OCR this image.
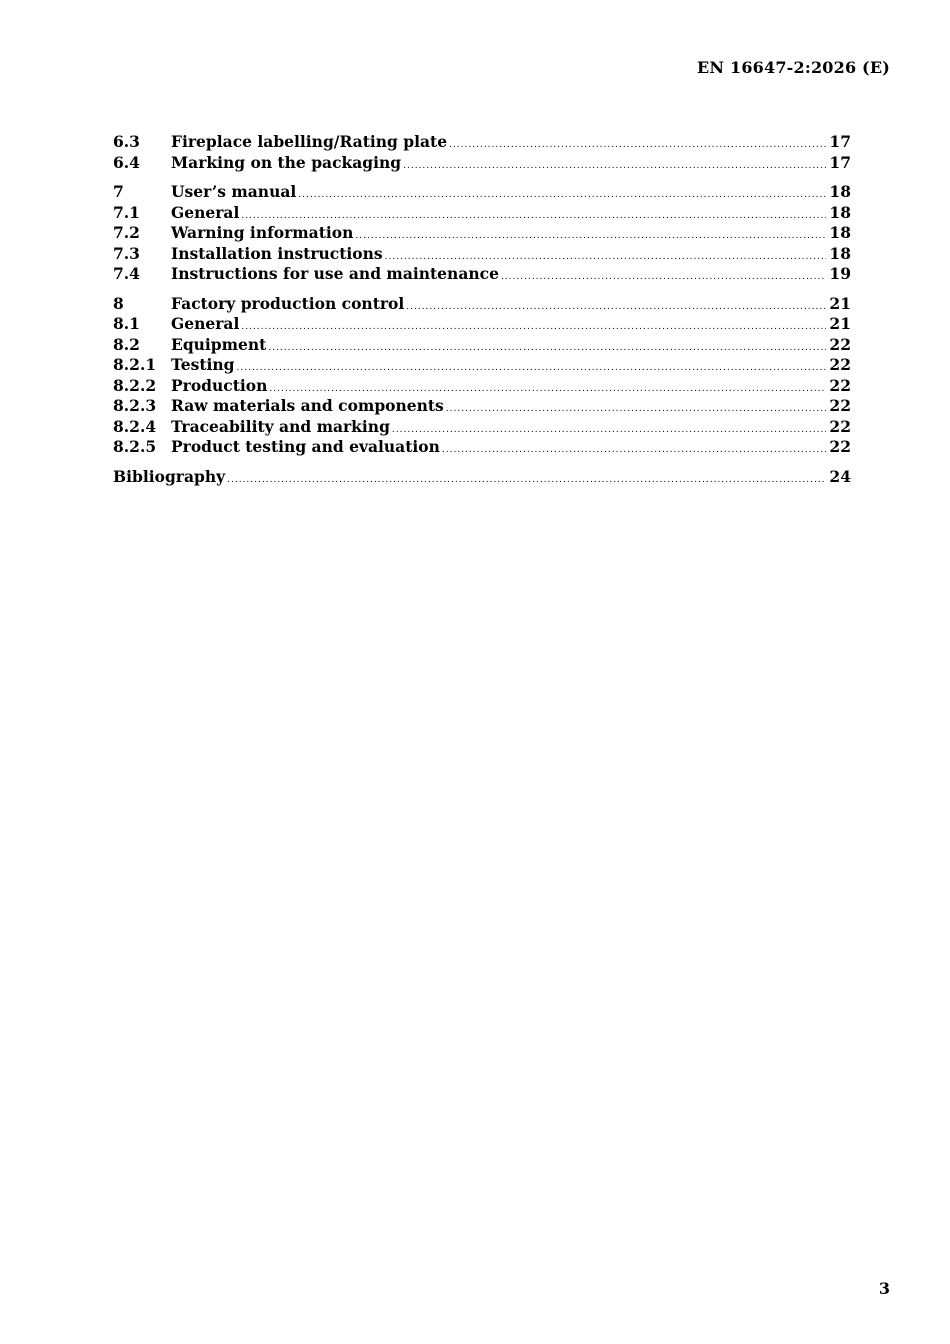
EN 16647-2:2026 (E)
6.3	Fireplace labelling/Rating plate .....	17
6.4	Marking on the packaging .....	17
7	User’s manual .....	18
7.1	General .....	18
7.2	Warning information .....	18
7.3	Installation instructions .....	18
7.4	Instructions for use and maintenance .....	19
8	Factory production control .....	21
8.1	General .....	21
8.2	Equipment .....	22
8.2.1 Testing .....	22
8.2.2 Production .....	22
8.2.3 Raw materials and components .....	22
8.2.4 Traceability and marking .....	22
8.2.5 Product testing and evaluation .....	22
Bibliography .....	24
3
